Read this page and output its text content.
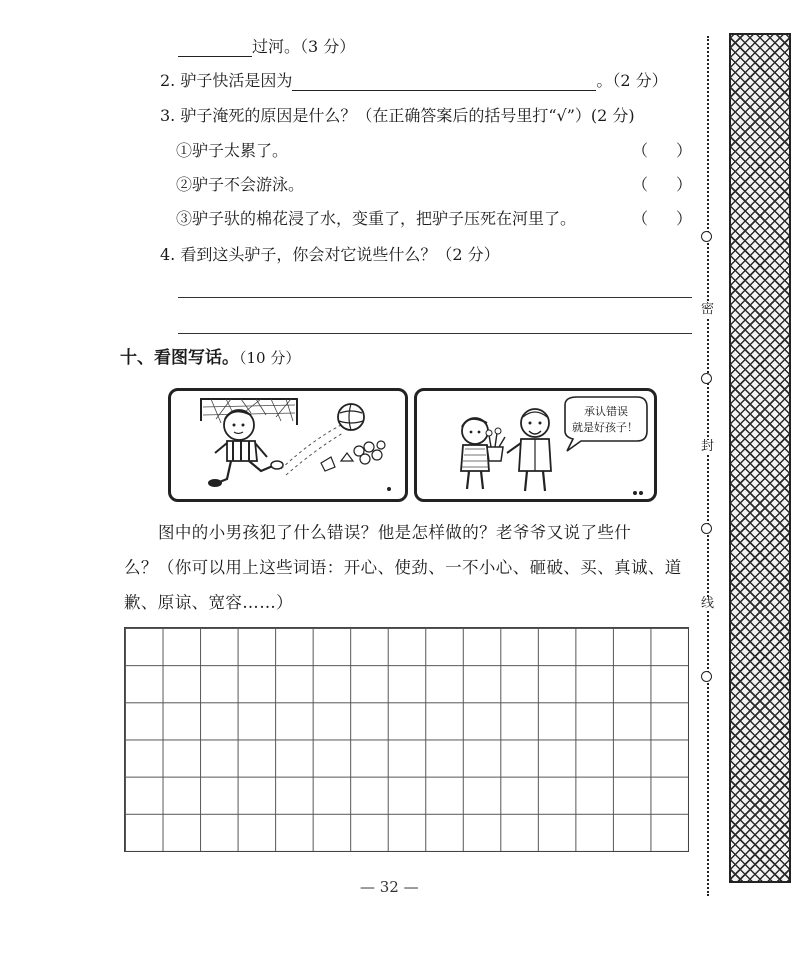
过河。（3 分）
2. 驴子快活是因为	。（2 分）
3. 驴子淹死的原因是什么？（在正确答案后的括号里打“√”）(2 分)
①驴子太累了。	（ ）
②驴子不会游泳。	（ ）
③驴子驮的棉花浸了水，变重了，把驴子压死在河里了。	（ ）
4. 看到这头驴子，你会对它说些什么？（2 分）
十、看图写话。（10 分）
承认错误
就是好孩子！

图中的小男孩犯了什么错误？他是怎样做的？老爷爷又说了些什

么？（你可以用上这些词语：开心、使劲、一不小心、砸破、买、真诚、道
歉、原谅、宽容……）
— 32 —
密
封
线
